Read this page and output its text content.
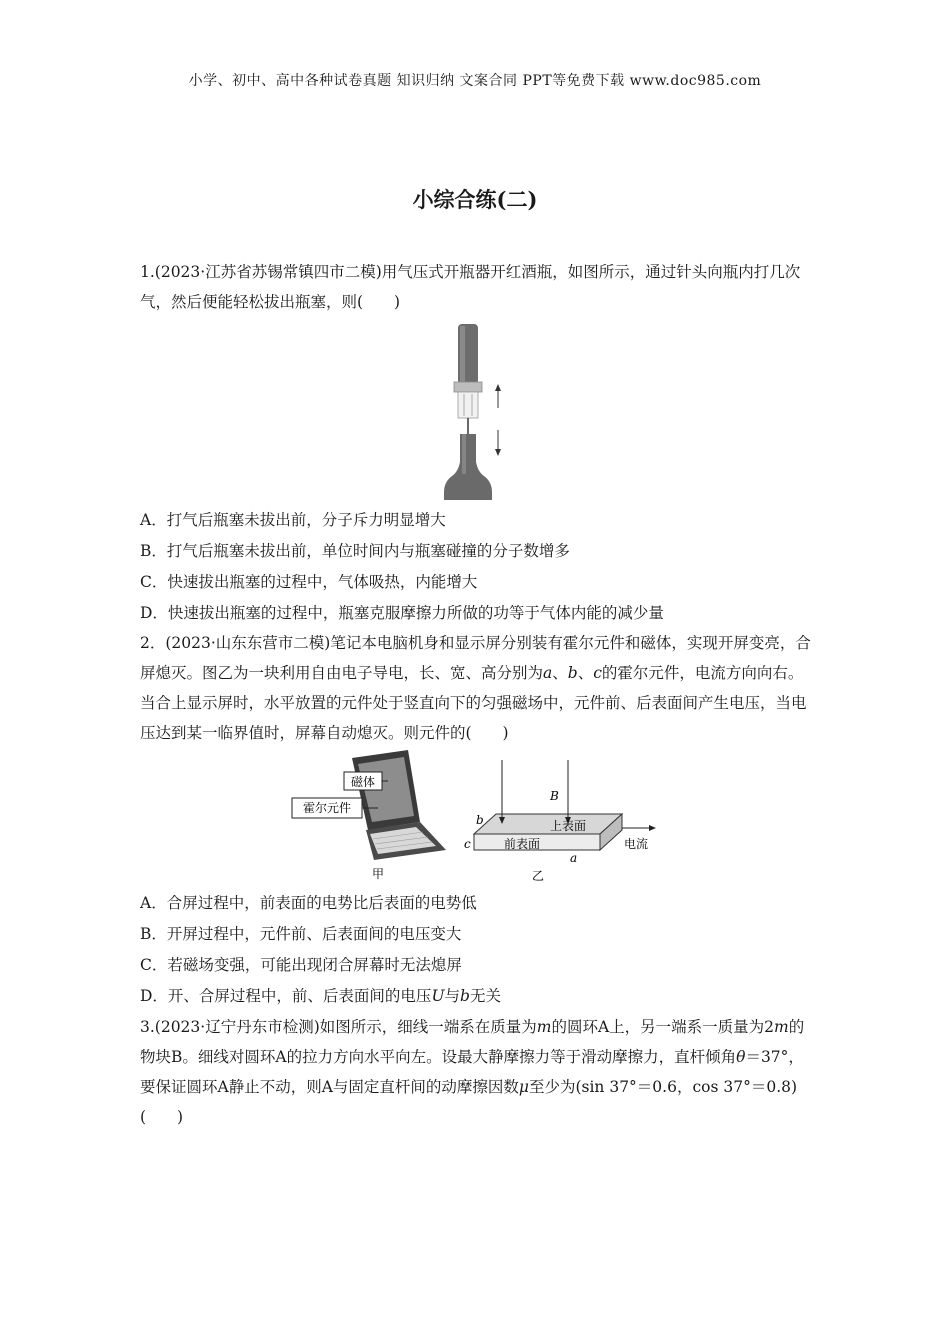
小学、初中、高中各种试卷真题 知识归纳 文案合同 PPT等免费下载 www.doc985.com
小综合练(二)
1.(2023·江苏省苏锡常镇四市二模)用气压式开瓶器开红酒瓶，如图所示，通过针头向瓶内打几次气，然后便能轻松拔出瓶塞，则(　　)
A．打气后瓶塞未拔出前，分子斥力明显增大
B．打气后瓶塞未拔出前，单位时间内与瓶塞碰撞的分子数增多
C．快速拔出瓶塞的过程中，气体吸热，内能增大
D．快速拔出瓶塞的过程中，瓶塞克服摩擦力所做的功等于气体内能的减少量
2．(2023·山东东营市二模)笔记本电脑机身和显示屏分别装有霍尔元件和磁体，实现开屏变亮，合屏熄灭。图乙为一块利用自由电子导电，长、宽、高分别为a、b、c的霍尔元件，电流方向向右。当合上显示屏时，水平放置的元件处于竖直向下的匀强磁场中，元件前、后表面间产生电压，当电压达到某一临界值时，屏幕自动熄灭。则元件的(　　)
磁体
霍尔元件
甲
B
电流
上表面
前表面
b
c
a
乙
A．合屏过程中，前表面的电势比后表面的电势低
B．开屏过程中，元件前、后表面间的电压变大
C．若磁场变强，可能出现闭合屏幕时无法熄屏
D．开、合屏过程中，前、后表面间的电压U与b无关
3.(2023·辽宁丹东市检测)如图所示，细线一端系在质量为m的圆环A上，另一端系一质量为2m的物块B。细线对圆环A的拉力方向水平向左。设最大静摩擦力等于滑动摩擦力，直杆倾角θ＝37°，要保证圆环A静止不动，则A与固定直杆间的动摩擦因数μ至少为(sin 37°＝0.6，cos 37°＝0.8)(　　)
